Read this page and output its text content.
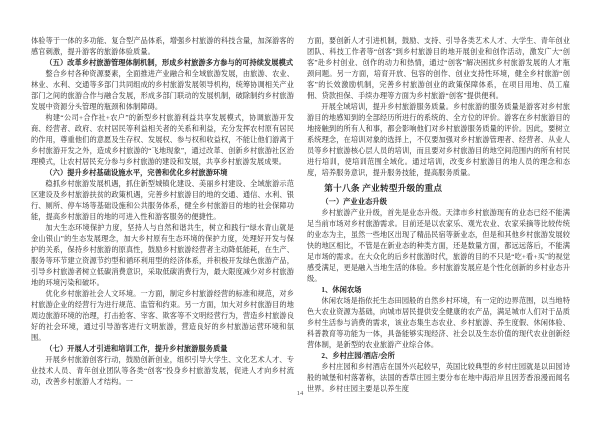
体验等于一体的多功能、复合型产品体系，增强乡村旅游的科技含量，加深游客的感官刺激，提升游客的旅游体验质量。

（五）改革乡村旅游管理体制机制，形成乡村旅游多方参与的可持续发展模式

整合乡村各种资源要素，全面推进产业融合和全域旅游发展，由旅游、农业、林业、水利、交通等多部门共同组成的乡村旅游发展领导机构，统筹协调相关产业部门之间的旅游合作与融合发展，形成多部门联动的发展机制，破除制约乡村旅游发展中资源分头管理的瓶颈和体制障碍。

构建“公司+合作社+农户”的新型乡村旅游利益共享发展模式，协调旅游开发商、经营者、政府、农村居民等利益相关者的关系和利益，充分发挥农村原有居民的作用，尊重他们的意愿及生存权、发展权、参与权和收益权，不能让他们游离于乡村旅游开发之外，造成乡村旅游的“飞地现象”，通过改革、创新乡村旅游社区治理模式，让农村居民充分参与乡村旅游的建设和发展，共享乡村旅游发展成果。

（六）提升乡村基础设施水平，完善和优化乡村旅游环境

稳抓乡村旅游发展机遇，抓住新型城镇化建设、美丽乡村建设、全域旅游示范区建设及乡村旅游扶贫的政策机遇，完善乡村旅游目的地的交通、通信、水利、银行、厕所、停车场等基础设施和公共服务体系，健全乡村旅游目的地的社会保障功能，提高乡村旅游目的地的可进入性和游客服务的便捷性。

加大生态环境保护力度，坚持人与自然和谐共生，树立和践行“绿水青山就是金山银山”的生态发展理念，加大乡村原有生态环境的保护力度，处理好开发与保护的关系，保持乡村旅游的原真性，鼓励乡村旅游经营者主动降低能耗，在生产、服务等环节建立资源节约型和循环利用型的经济体系，并积极开发绿色旅游产品，引导乡村旅游者树立低碳消费意识，采取低碳消费行为，最大限度减少对乡村旅游地的环境污染和破坏。

优化乡村旅游社会人文环境。一方面，制定乡村旅游经营的标准和规范，对乡村旅游企业的经营行为进行规范、监管和约束。另一方面，加大对乡村旅游目的地周边旅游环境的治理，打击抢客、宰客、欺客等不文明经营行为，营造乡村旅游良好的社会环境，通过引导游客进行文明旅游，营造良好的乡村旅游运营环境和氛围。

（七）开展人才引进和培训工作，提升乡村旅游服务质量

开展乡村旅游创客行动，鼓励创新创业，组织引导大学生、文化艺术人才、专业技术人员、青年创业团队等各类“创客”投身乡村旅游发展，促进人才向乡村流动，改善乡村旅游人才结构。一

方面，要创新人才引进机制，鼓励、支持、引导各类艺术人才、大学生、青年创业团队、科技工作者等“创客”到乡村旅游目的地开展创业和创作活动，激发广大“创客”赴乡村创业、创作的动力和热情，通过“创客”解决困扰乡村旅游发展的人才瓶颈问题。另一方面，培育开放、包容的创作、创业支持性环境，健全乡村旅游“创客”的长效激励机制，完善乡村旅游创业的政策保障体系，在项目用地、员工雇佣、贷款担保、手续办理等方面为乡村旅游“创客”提供便利。

开展全域培训，提升乡村旅游服务质量。乡村旅游的服务质量是游客对乡村旅游目的地感知到的全部经历所进行的系统的、全方位的评价。游客在乡村旅游目的地接触到的所有人和事，都会影响他们对乡村旅游服务质量的评价。因此，要树立系统理念，在培训对象的选择上，不仅要加强对乡村旅游管理者、经营者、从业人员等乡村旅游核心层人员的培训，而且要对乡村旅游目的地空间范围内的所有村民进行培训，使培训范围全域化。通过培训，改变乡村旅游目的地人员的理念和态度，培养服务意识，提升服务技能，提高服务质量。

第十八条 产业转型升级的重点

（一）产业业态升级

乡村旅游产业升级，首先是业态升级。天津市乡村旅游现有的业态已经不能满足当前市场对乡村旅游需求。目前还是以农家乐、观光农业、农家采摘等比较传统的业态为主，虽然一些地区出现了精品民宿等新业态，但是和其他乡村旅游发展较快的地区相比，不管是在新业态的种类方面，还是数量方面，都远远落后，不能满足市场的需求。在大众化的后乡村旅游时代，旅游的目的不只是“吃+看+买”的视觉感受满足，更是融入当地生活的体验。乡村旅游发展应是个性化创新的乡村业态升级。

1、休闲农场

休闲农场是指依托生态田园般的自然乡村环境，有一定的边界范围，以当地特色大农业资源为基础，向城市居民提供安全健康的农产品，满足城市人们对于品质乡村生活参与消费的需求，该业态集生态农业、乡村旅游、养生度假、休闲体验、科普教育等功能为一体，具备能够实现经济、社会以及生态价值的现代农业创新经营体制，是新型的农业旅游产业综合体。

2、乡村庄园/酒店/会所

乡村庄园和乡村酒店在国外兴起较早，英国比较典型的乡村庄园就是以田园诗般的城堡和村落著称，法国的香草庄园主要分布在地中海沿岸且因芳香浪漫而闻名世界。乡村庄园主要是以养生度

14
